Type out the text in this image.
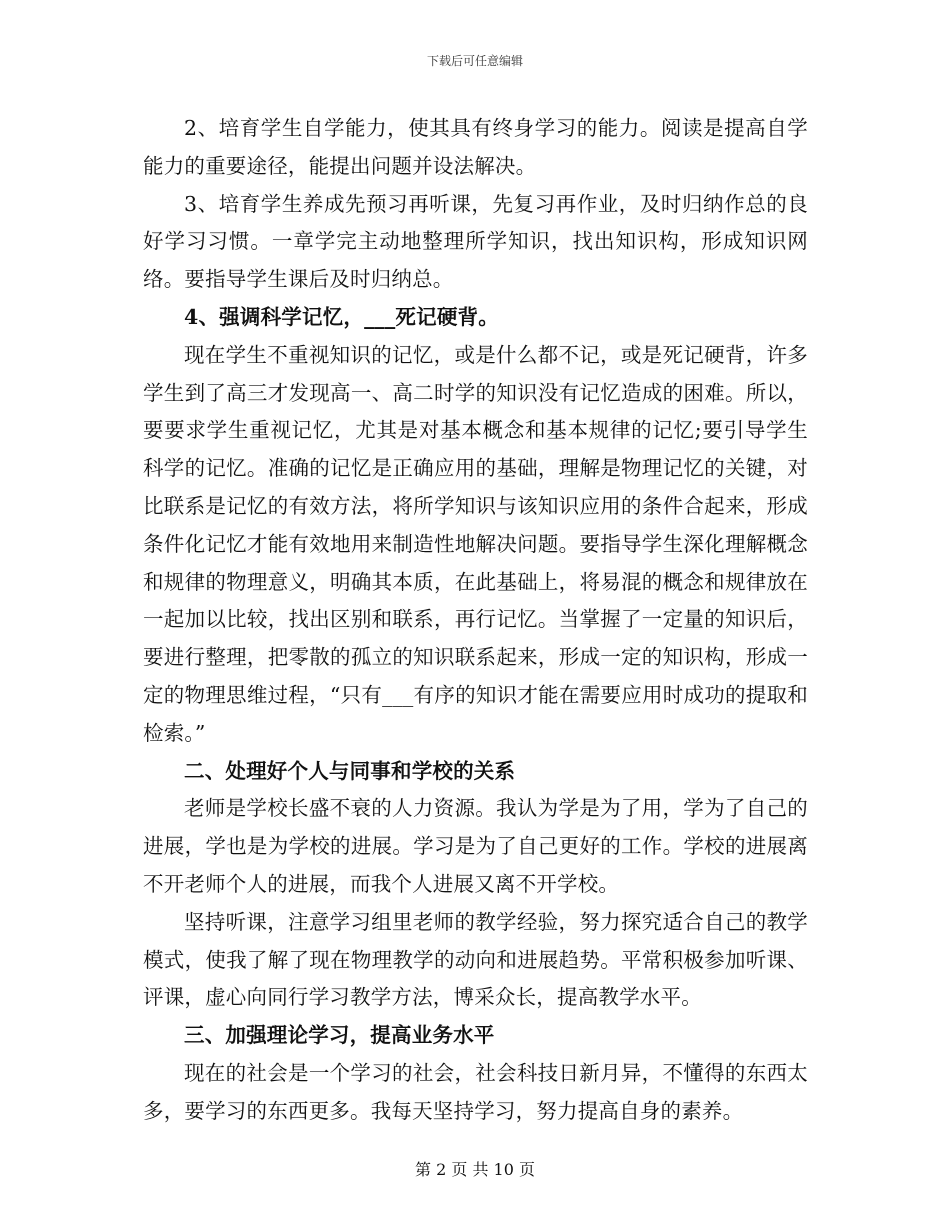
下载后可任意编辑

2、培育学生自学能力，使其具有终身学习的能力。阅读是提高自学能力的重要途径，能提出问题并设法解决。

3、培育学生养成先预习再听课，先复习再作业，及时归纳作总的良好学习习惯。一章学完主动地整理所学知识，找出知识构，形成知识网络。要指导学生课后及时归纳总。

4、强调科学记忆，___死记硬背。

现在学生不重视知识的记忆，或是什么都不记，或是死记硬背，许多学生到了高三才发现高一、高二时学的知识没有记忆造成的困难。所以，要要求学生重视记忆，尤其是对基本概念和基本规律的记忆;要引导学生科学的记忆。准确的记忆是正确应用的基础，理解是物理记忆的关键，对比联系是记忆的有效方法，将所学知识与该知识应用的条件合起来，形成条件化记忆才能有效地用来制造性地解决问题。要指导学生深化理解概念和规律的物理意义，明确其本质，在此基础上，将易混的概念和规律放在一起加以比较，找出区别和联系，再行记忆。当掌握了一定量的知识后，要进行整理，把零散的孤立的知识联系起来，形成一定的知识构，形成一定的物理思维过程，“只有___有序的知识才能在需要应用时成功的提取和检索。”

二、处理好个人与同事和学校的关系

老师是学校长盛不衰的人力资源。我认为学是为了用，学为了自己的进展，学也是为学校的进展。学习是为了自己更好的工作。学校的进展离不开老师个人的进展，而我个人进展又离不开学校。

坚持听课，注意学习组里老师的教学经验，努力探究适合自己的教学模式，使我了解了现在物理教学的动向和进展趋势。平常积极参加听课、评课，虚心向同行学习教学方法，博采众长，提高教学水平。

三、加强理论学习，提高业务水平

现在的社会是一个学习的社会，社会科技日新月异，不懂得的东西太多，要学习的东西更多。我每天坚持学习，努力提高自身的素养。

第 2 页 共 10 页
